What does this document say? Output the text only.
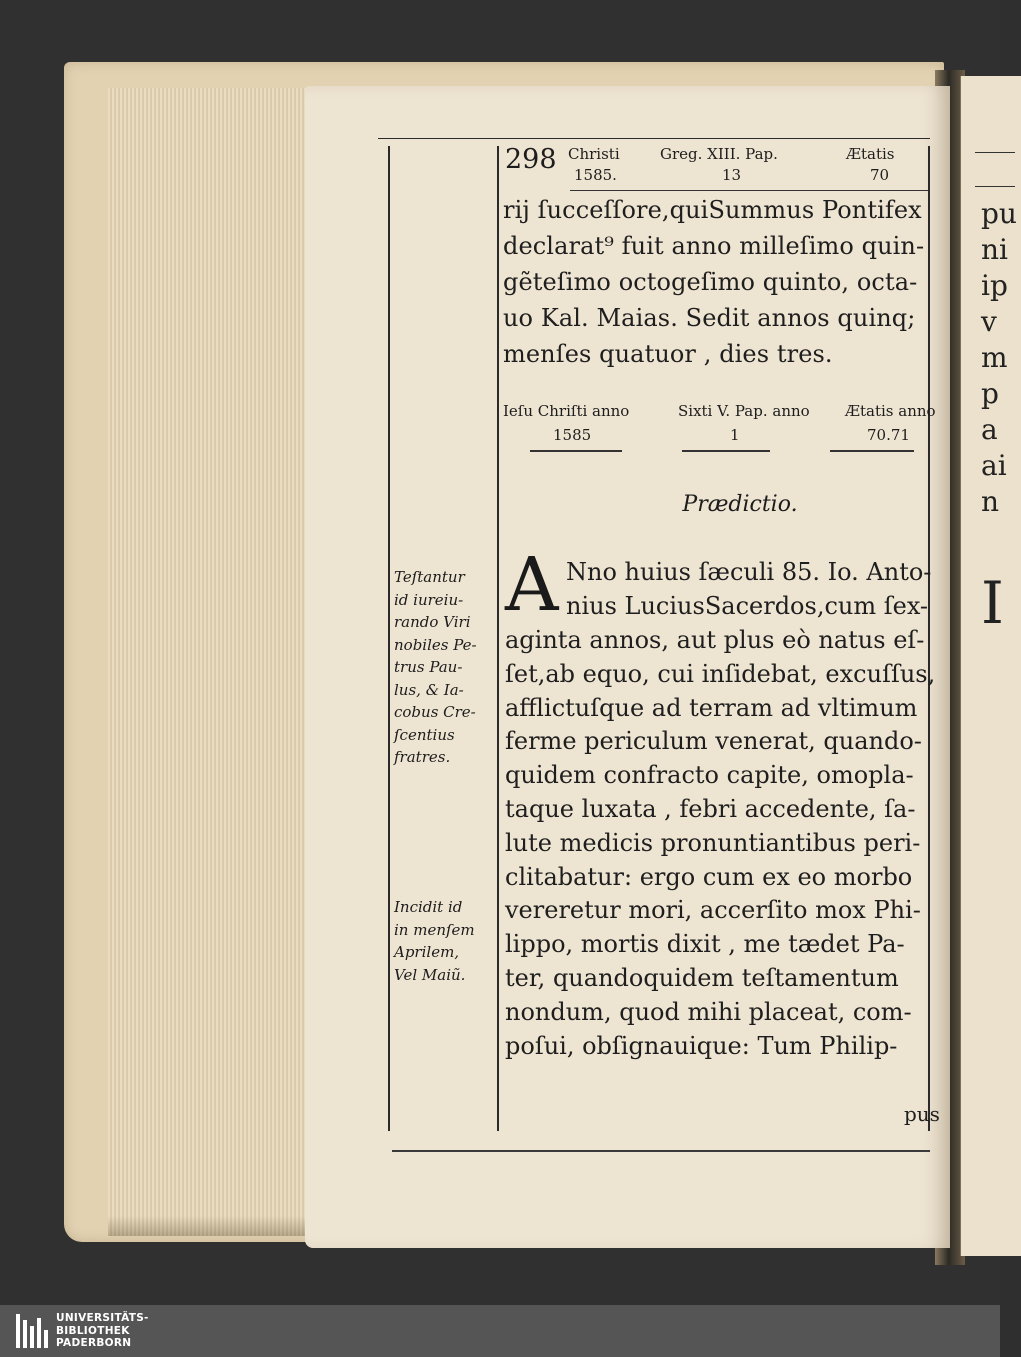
pu
ni
ip
v
m
p
a
ai
n
I
298 Christi
1585.
Greg. XIII. Pap.
13
Ætatis
70
rij ſucceſſore,quiSummus Pontifex
declarat⁹ fuit anno milleſimo quin-
gẽteſimo octogeſimo quinto, octa-
uo Kal. Maias. Sedit annos quinq;
menſes quatuor , dies tres.
Ieſu Chriſti anno
1585
Sixti V. Pap. anno
1
Ætatis anno
70.71
Prædictio.
A Nno huius ſæculi 85. Io. Anto-
nius LuciusSacerdos,cum ſex-
aginta annos, aut plus eò natus eſ-
ſet,ab equo, cui inſidebat, excuſſus,
afflictuſque ad terram ad vltimum
ferme periculum venerat, quando-
quidem confracto capite, omopla-
taque luxata , febri accedente, ſa-
lute medicis pronuntiantibus peri-
clitabatur: ergo cum ex eo morbo
vereretur mori, accerſito mox Phi-
lippo, mortis dixit , me tædet Pa-
ter, quandoquidem teſtamentum
nondum, quod mihi placeat, com-
poſui, obſignauique: Tum Philip-
pus
Teſtantur
id iureiu-
rando Viri
nobiles Pe-
trus Pau-
lus, & Ia-
cobus Cre-
ſcentius
fratres.
Incidit id
in menſem
Aprilem,
Vel Maiũ.
UNIVERSITÄTS-
BIBLIOTHEK
PADERBORN
